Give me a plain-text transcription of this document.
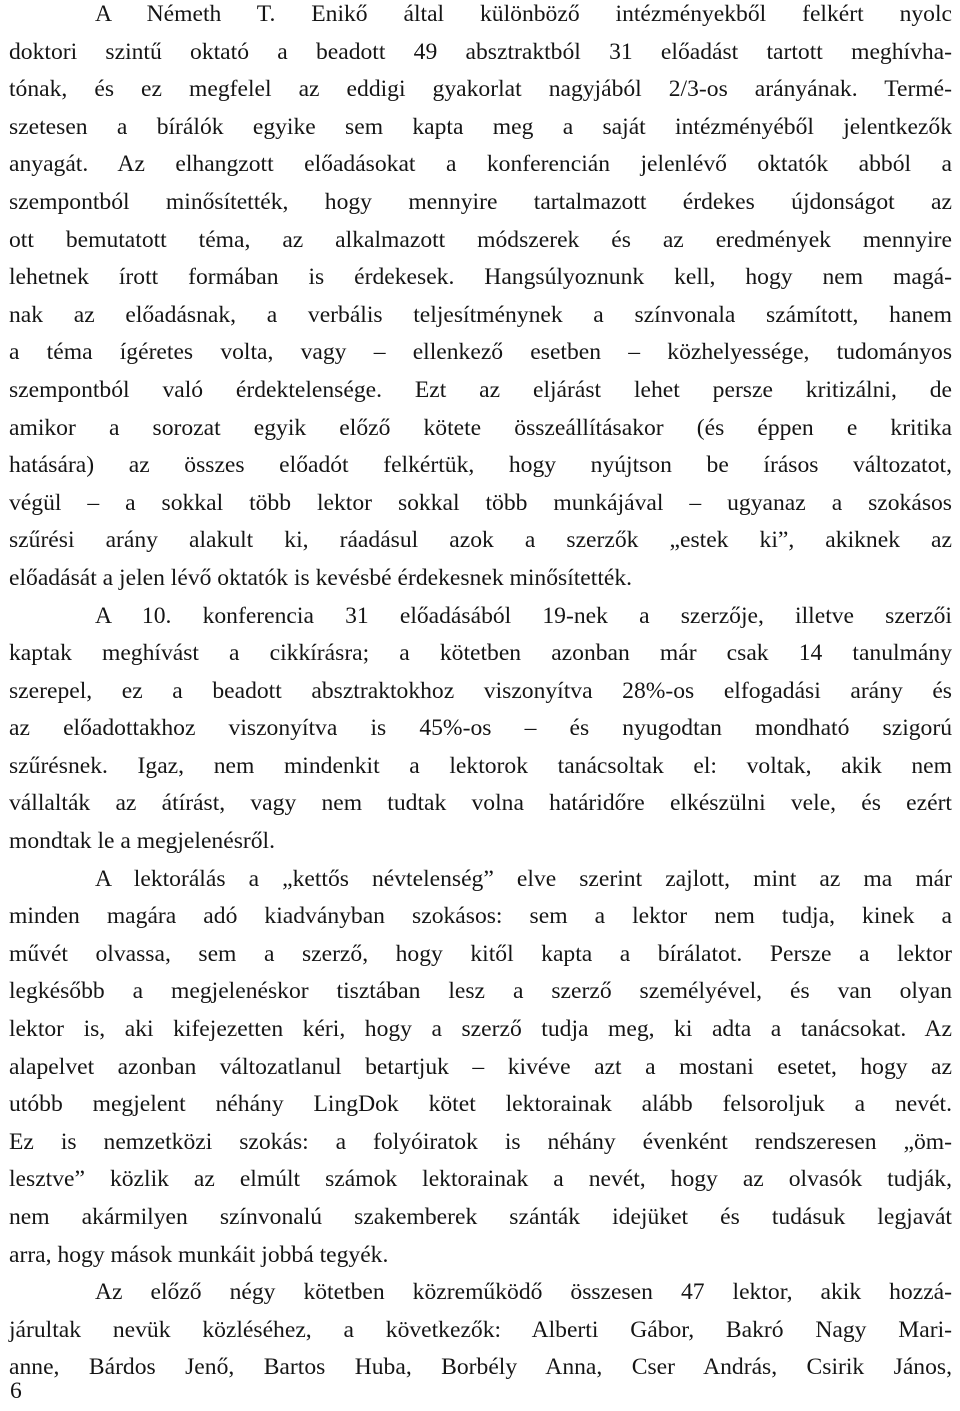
A Németh T. Enikő által különböző intézményekből felkért nyolc
doktori szintű oktató a beadott 49 absztraktból 31 előadást tartott meghívha-
tónak, és ez megfelel az eddigi gyakorlat nagyjából 2/3-os arányának. Termé-
szetesen a bírálók egyike sem kapta meg a saját intézményéből jelentkezők
anyagát. Az elhangzott előadásokat a konferencián jelenlévő oktatók abból a
szempontból minősítették, hogy mennyire tartalmazott érdekes újdonságot az
ott bemutatott téma, az alkalmazott módszerek és az eredmények mennyire
lehetnek írott formában is érdekesek. Hangsúlyoznunk kell, hogy nem magá-
nak az előadásnak, a verbális teljesítménynek a színvonala számított, hanem
a téma ígéretes volta, vagy – ellenkező esetben – közhelyessége, tudományos
szempontból való érdektelensége. Ezt az eljárást lehet persze kritizálni, de
amikor a sorozat egyik előző kötete összeállításakor (és éppen e kritika
hatására) az összes előadót felkértük, hogy nyújtson be írásos változatot,
végül – a sokkal több lektor sokkal több munkájával – ugyanaz a szokásos
szűrési arány alakult ki, ráadásul azok a szerzők „estek ki”, akiknek az
előadását a jelen lévő oktatók is kevésbé érdekesnek minősítették.

A 10. konferencia 31 előadásából 19-nek a szerzője, illetve szerzői
kaptak meghívást a cikkírásra; a kötetben azonban már csak 14 tanulmány
szerepel, ez a beadott absztraktokhoz viszonyítva 28%-os elfogadási arány és
az előadottakhoz viszonyítva is 45%-os – és nyugodtan mondható szigorú
szűrésnek. Igaz, nem mindenkit a lektorok tanácsoltak el: voltak, akik nem
vállalták az átírást, vagy nem tudtak volna határidőre elkészülni vele, és ezért
mondtak le a megjelenésről.

A lektorálás a „kettős névtelenség” elve szerint zajlott, mint az ma már
minden magára adó kiadványban szokásos: sem a lektor nem tudja, kinek a
művét olvassa, sem a szerző, hogy kitől kapta a bírálatot. Persze a lektor
legkésőbb a megjelenéskor tisztában lesz a szerző személyével, és van olyan
lektor is, aki kifejezetten kéri, hogy a szerző tudja meg, ki adta a tanácsokat. Az
alapelvet azonban változatlanul betartjuk – kivéve azt a mostani esetet, hogy az
utóbb megjelent néhány LingDok kötet lektorainak alább felsoroljuk a nevét.
Ez is nemzetközi szokás: a folyóiratok is néhány évenként rendszeresen „öm-
lesztve” közlik az elmúlt számok lektorainak a nevét, hogy az olvasók tudják,
nem akármilyen színvonalú szakemberek szánták idejüket és tudásuk legjavát
arra, hogy mások munkáit jobbá tegyék.

Az előző négy kötetben közreműködő összesen 47 lektor, akik hozzá-
járultak nevük közléséhez, a következők: Alberti Gábor, Bakró Nagy Mari-
anne, Bárdos Jenő, Bartos Huba, Borbély Anna, Cser András, Csirik János,

6
